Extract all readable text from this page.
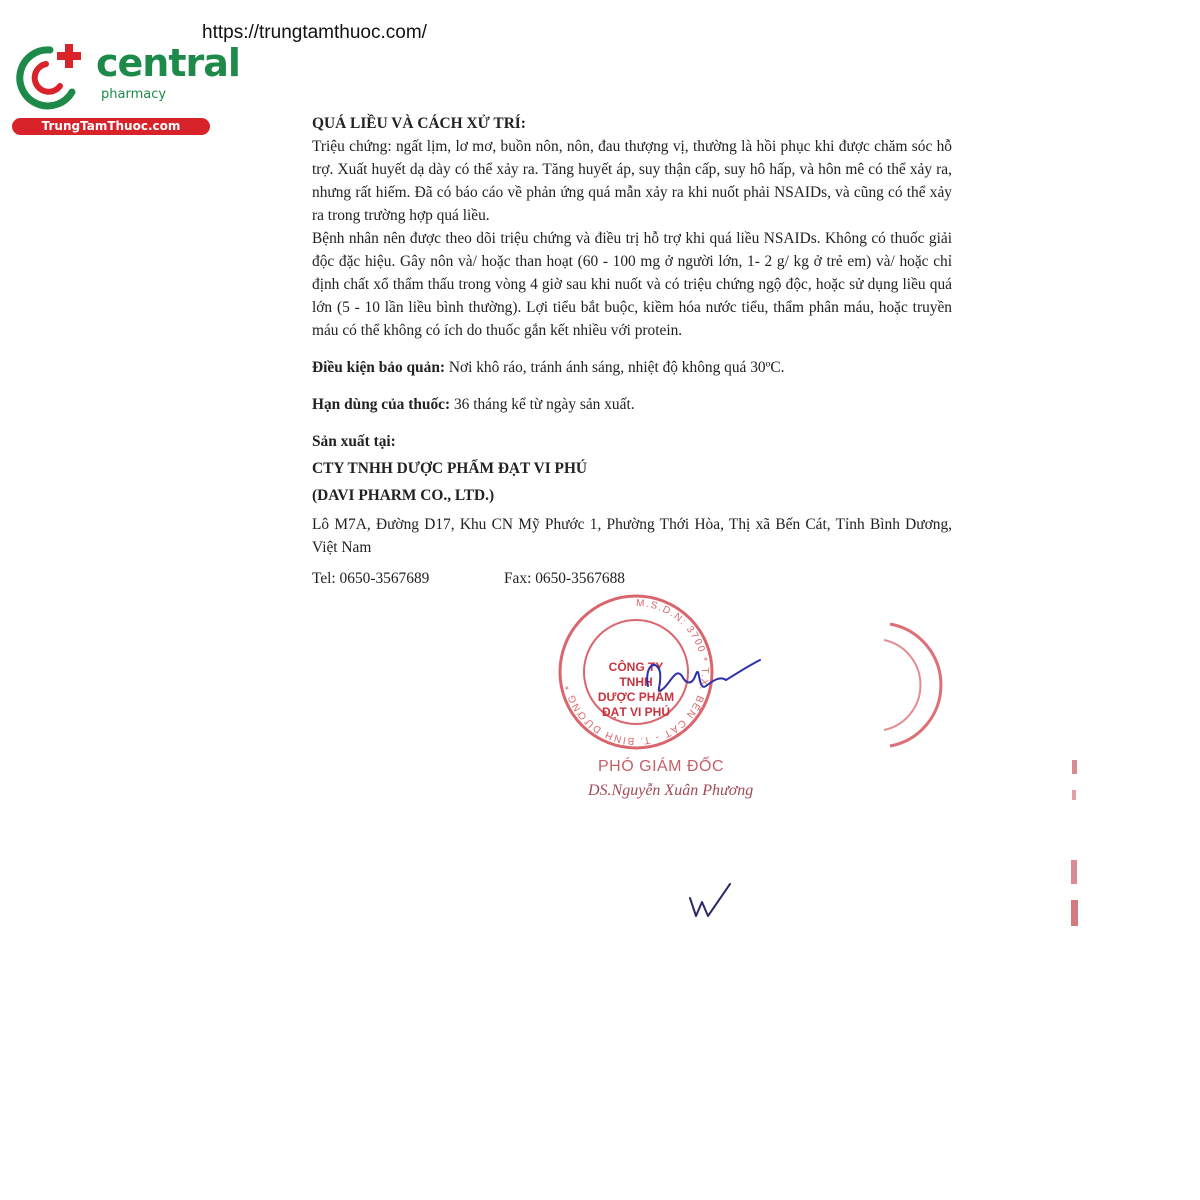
https://trungtamthuoc.com/
central
pharmacy
TrungTamThuoc.com	QUÁ LIỀU VÀ CÁCH XỬ TRÍ:

Triệu chứng: ngất lịm, lơ mơ, buồn nôn, nôn, đau thượng vị, thường là hồi phục khi được chăm sóc hỗ trợ. Xuất huyết dạ dày có thể xảy ra. Tăng huyết áp, suy thận cấp, suy hô hấp, và hôn mê có thể xảy ra, nhưng rất hiếm. Đã có báo cáo về phản ứng quá mẫn xảy ra khi nuốt phải NSAIDs, và cũng có thể xảy ra trong trường hợp quá liều.

Bệnh nhân nên được theo dõi triệu chứng và điều trị hỗ trợ khi quá liều NSAIDs. Không có thuốc giải độc đặc hiệu. Gây nôn và/ hoặc than hoạt (60 - 100 mg ở người lớn, 1- 2 g/ kg ở trẻ em) và/ hoặc chỉ định chất xổ thẩm thấu trong vòng 4 giờ sau khi nuốt và có triệu chứng ngộ độc, hoặc sử dụng liều quá lớn (5 - 10 lần liều bình thường). Lợi tiểu bắt buộc, kiềm hóa nước tiểu, thẩm phân máu, hoặc truyền máu có thể không có ích do thuốc gắn kết nhiều với protein.

Điều kiện bảo quản: Nơi khô ráo, tránh ánh sáng, nhiệt độ không quá 30ºC.

Hạn dùng của thuốc: 36 tháng kể từ ngày sản xuất.

Sản xuất tại:

CTY TNHH DƯỢC PHẨM ĐẠT VI PHÚ

(DAVI PHARM CO., LTD.)

Lô M7A, Đường D17, Khu CN Mỹ Phước 1, Phường Thới Hòa, Thị xã Bến Cát, Tỉnh Bình Dương, Việt Nam

Tel: 0650-3567689	Fax: 0650-3567688

M.S.D.N: 3700 * T.X. BẾN CÁT - T. BÌNH DƯƠNG *
CÔNG TY
TNHH
DƯỢC PHẨM
ĐẠT VI PHÚ
PHÓ GIÁM ĐỐC
DS.Nguyễn Xuân Phương
